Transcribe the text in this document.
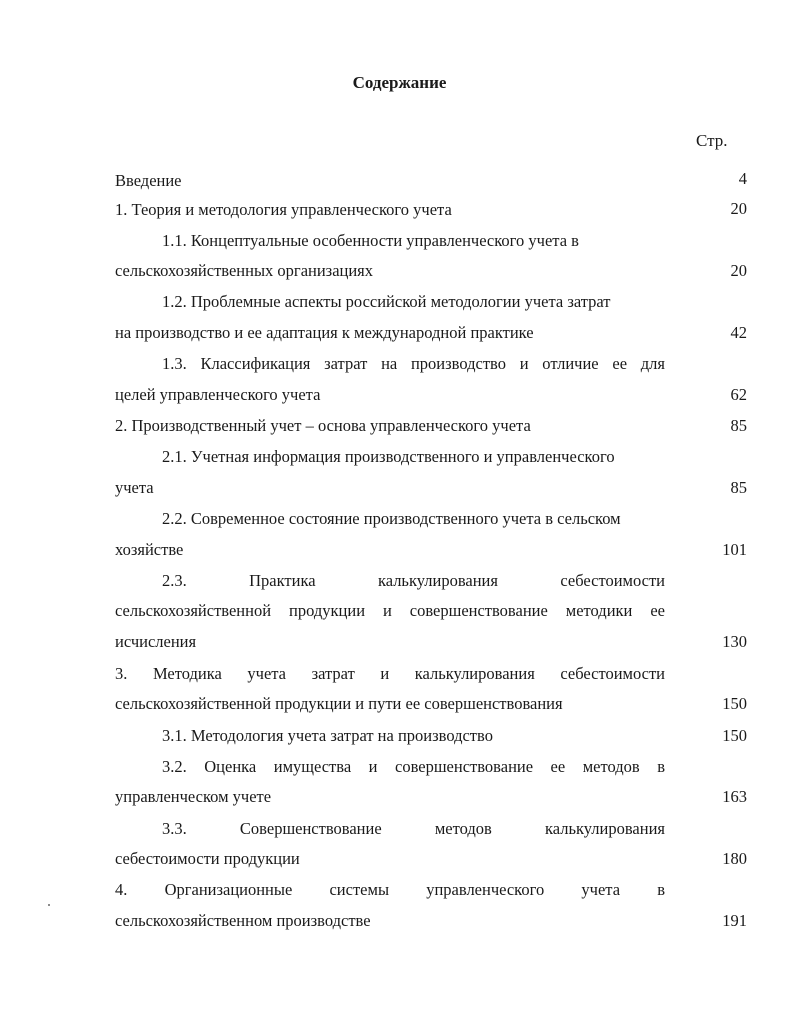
Содержание
Стр.
Введение	4
1. Теория и методология управленческого учета	20
1.1. Концептуальные особенности управленческого учета в
сельскохозяйственных организациях	20
1.2. Проблемные аспекты российской методологии учета затрат
на производство и ее адаптация к международной практике	42
1.3. Классификация затрат на производство и отличие ее для
целей управленческого учета	62
2. Производственный учет – основа управленческого учета	85
2.1. Учетная информация производственного и управленческого
учета	85
2.2. Современное состояние производственного учета в сельском
хозяйстве	101
2.3. Практика калькулирования себестоимости
сельскохозяйственной продукции и совершенствование методики ее
исчисления	130
3. Методика учета затрат и калькулирования себестоимости
сельскохозяйственной продукции и пути ее совершенствования	150
3.1. Методология учета затрат на производство	150
3.2. Оценка имущества и совершенствование ее методов в
управленческом учете	163
3.3. Совершенствование методов калькулирования
себестоимости продукции	180
4. Организационные системы управленческого учета в
сельскохозяйственном производстве	191
